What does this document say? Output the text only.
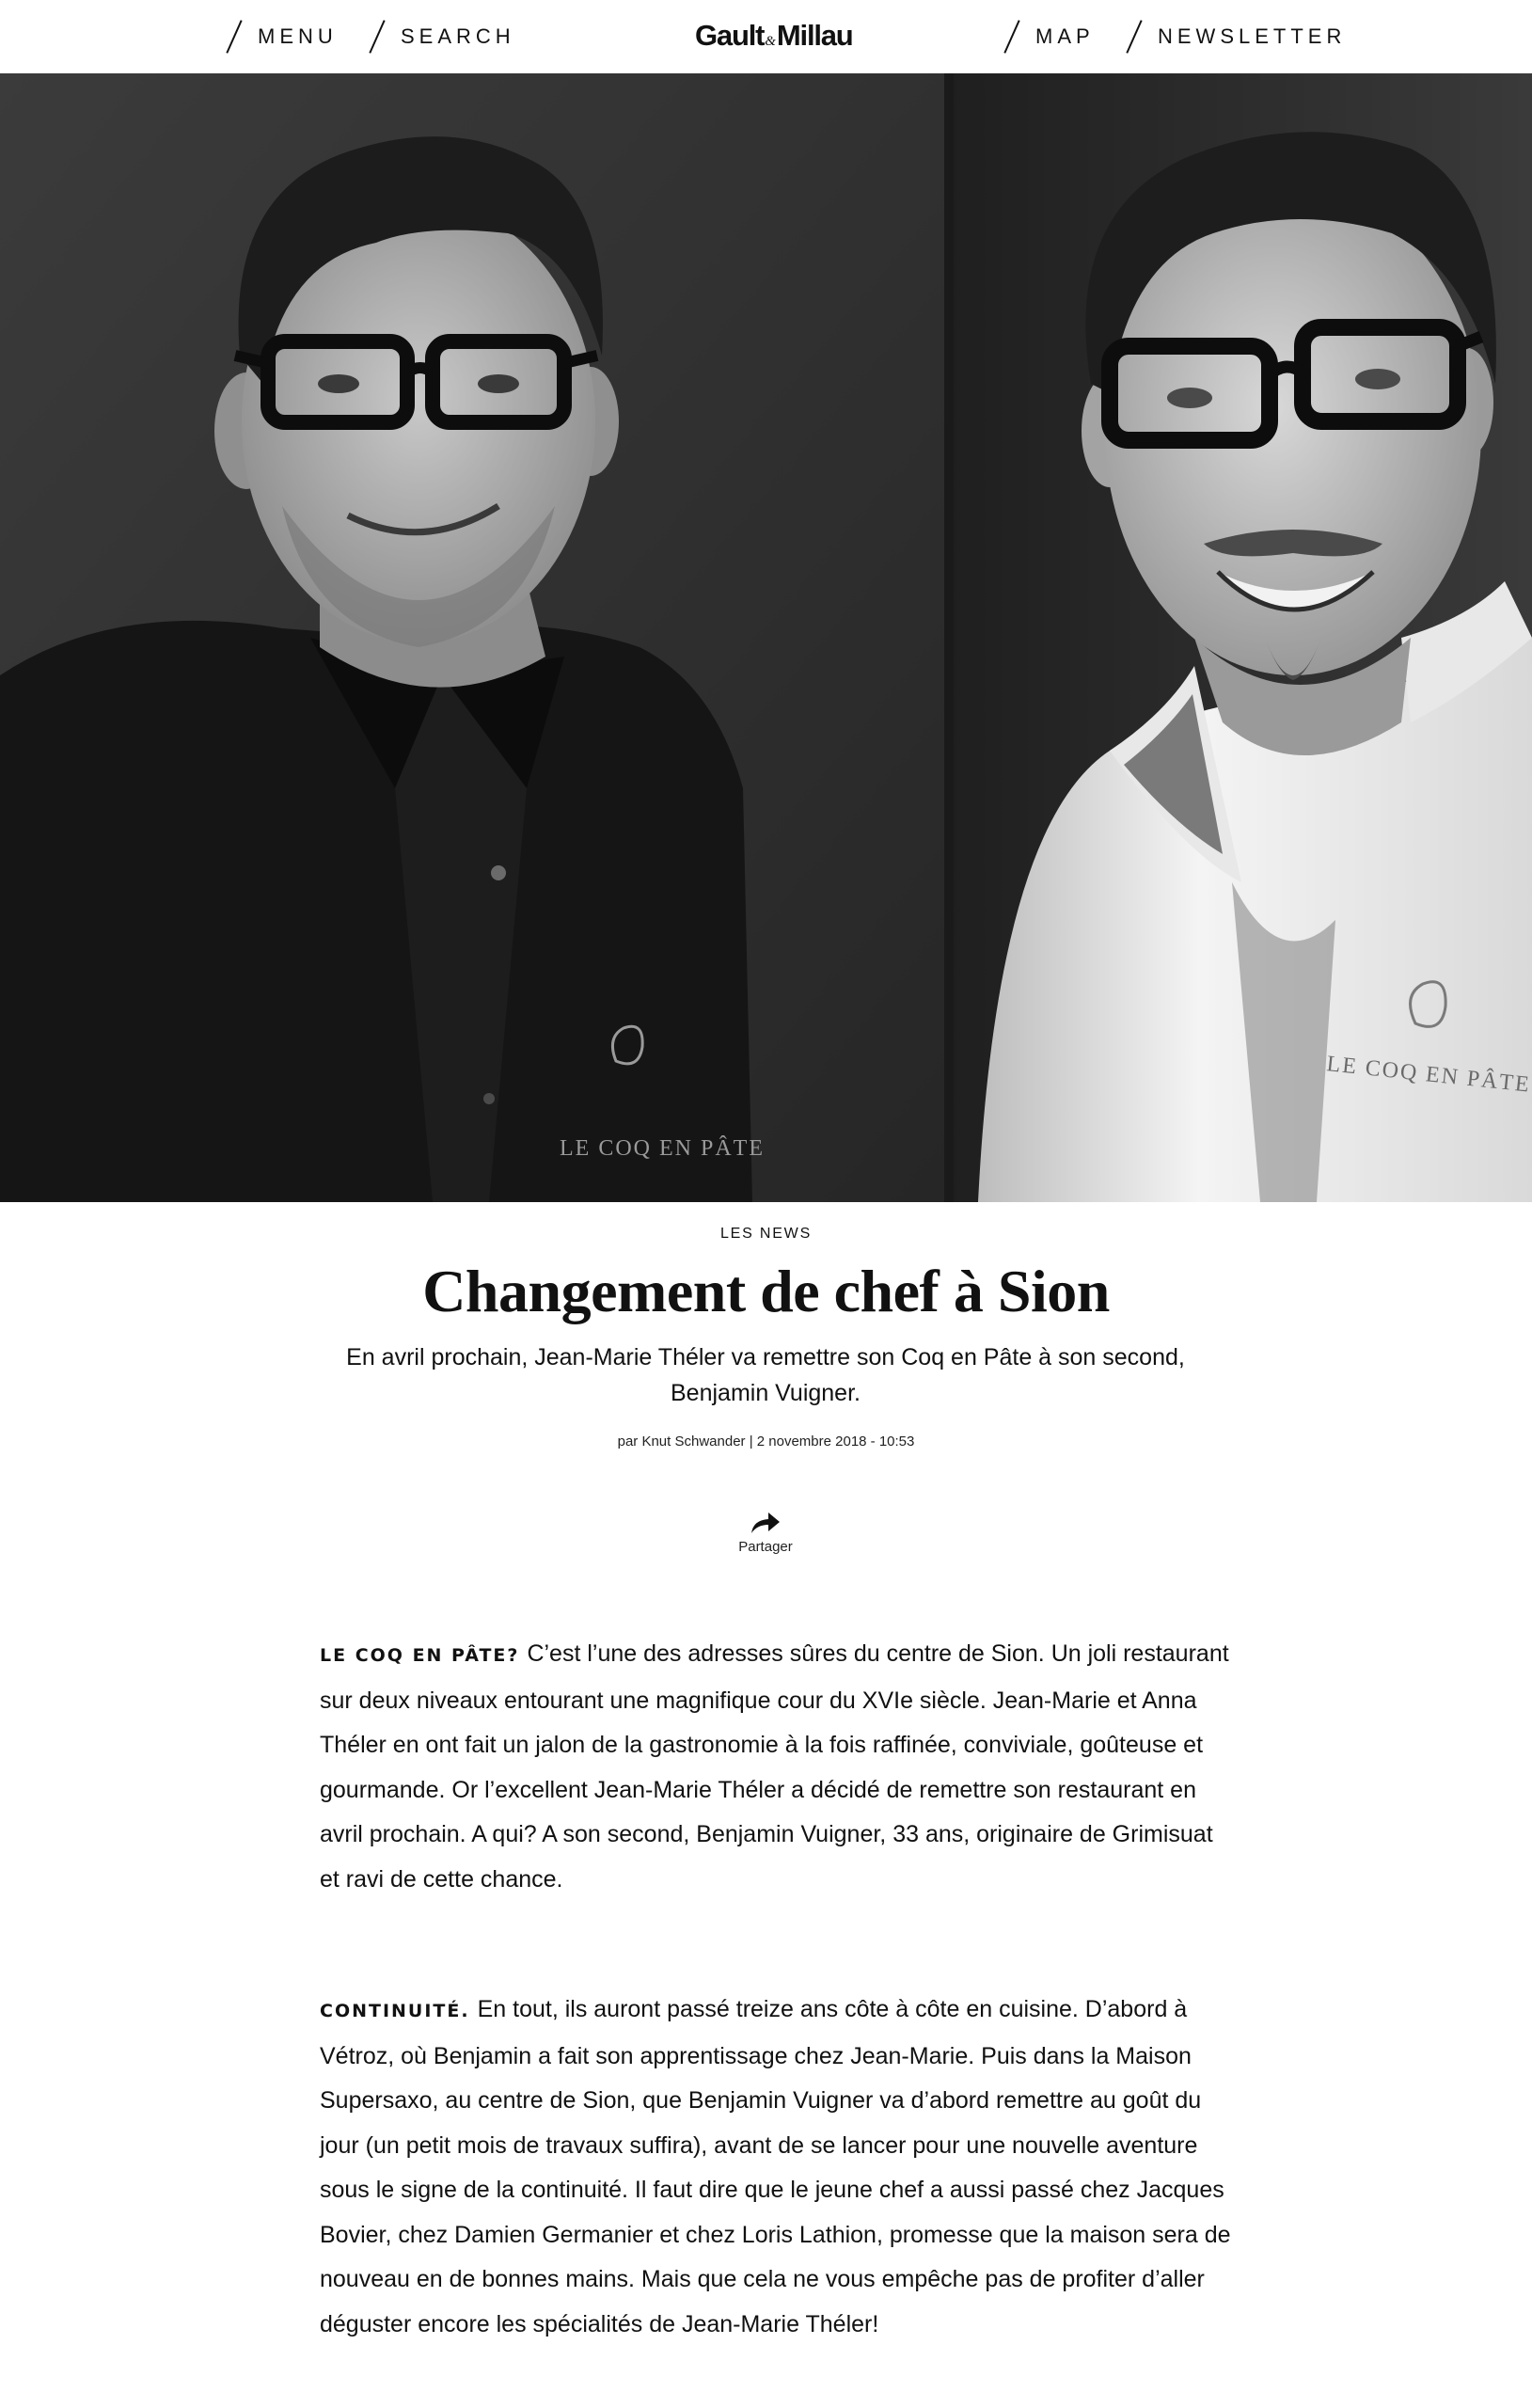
MENU	SEARCH	Gault & Millau	MAP	NEWSLETTER
LE COQ EN PÂTE
LE COQ EN PÂTE
LES NEWS
Changement de chef à Sion

En avril prochain, Jean-Marie Théler va remettre son Coq en Pâte à son second, Benjamin Vuigner.

par Knut Schwander | 2 novembre 2018 - 10:53
Partager

LE COQ EN PÂTE? C’est l’une des adresses sûres du centre de Sion. Un joli restaurant sur deux niveaux entourant une magnifique cour du XVIe siècle. Jean-Marie et Anna Théler en ont fait un jalon de la gastronomie à la fois raffinée, conviviale, goûteuse et gourmande. Or l’excellent Jean-Marie Théler a décidé de remettre son restaurant en avril prochain. A qui? A son second, Benjamin Vuigner, 33 ans, originaire de Grimisuat et ravi de cette chance.

CONTINUITÉ. En tout, ils auront passé treize ans côte à côte en cuisine. D’abord à Vétroz, où Benjamin a fait son apprentissage chez Jean-Marie. Puis dans la Maison Supersaxo, au centre de Sion, que Benjamin Vuigner va d’abord remettre au goût du jour (un petit mois de travaux suffira), avant de se lancer pour une nouvelle aventure sous le signe de la continuité. Il faut dire que le jeune chef a aussi passé chez Jacques Bovier, chez Damien Germanier et chez Loris Lathion, promesse que la maison sera de nouveau en de bonnes mains. Mais que cela ne vous empêche pas de profiter d’aller déguster encore les spécialités de Jean-Marie Théler!
